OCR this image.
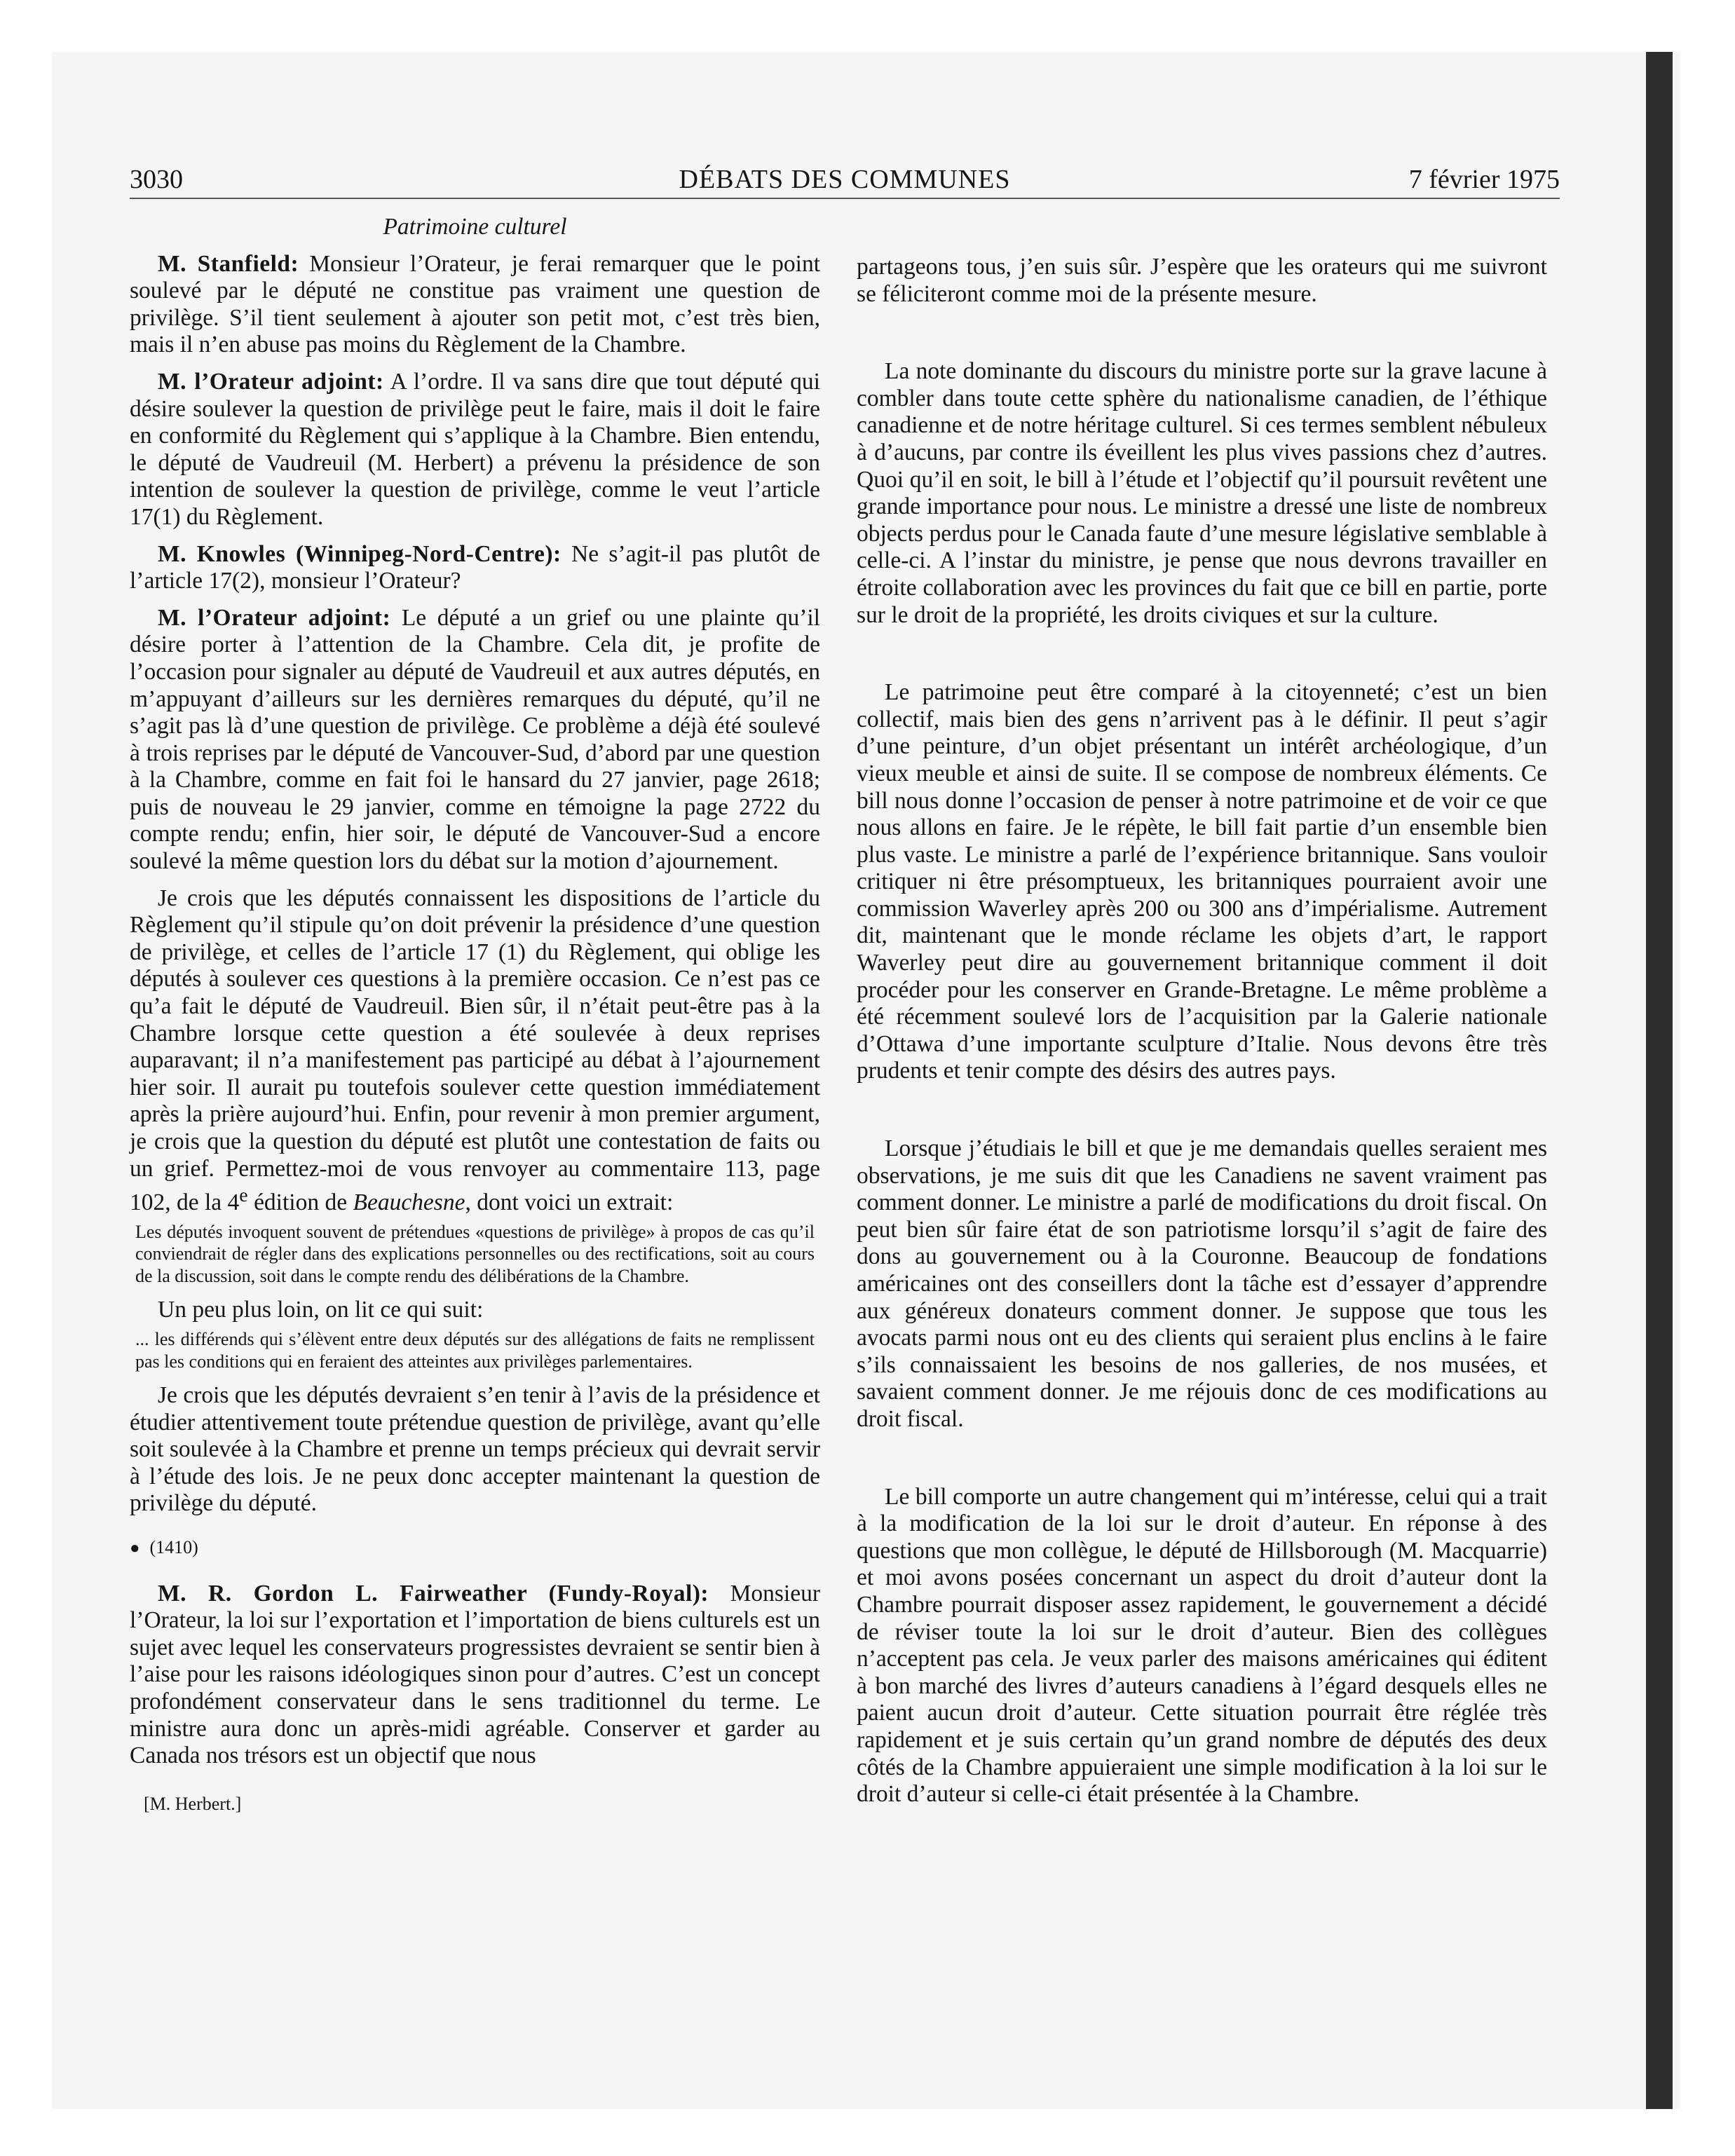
3030	DÉBATS DES COMMUNES	7 février 1975
Patrimoine culturel

M. Stanfield: Monsieur l’Orateur, je ferai remarquer que le point soulevé par le député ne constitue pas vraiment une question de privilège. S’il tient seulement à ajouter son petit mot, c’est très bien, mais il n’en abuse pas moins du Règlement de la Chambre.

M. l’Orateur adjoint: A l’ordre. Il va sans dire que tout député qui désire soulever la question de privilège peut le faire, mais il doit le faire en conformité du Règlement qui s’applique à la Chambre. Bien entendu, le député de Vaudreuil (M. Herbert) a prévenu la présidence de son intention de soulever la question de privilège, comme le veut l’article 17(1) du Règlement.

M. Knowles (Winnipeg-Nord-Centre): Ne s’agit-il pas plutôt de l’article 17(2), monsieur l’Orateur?

M. l’Orateur adjoint: Le député a un grief ou une plainte qu’il désire porter à l’attention de la Chambre. Cela dit, je profite de l’occasion pour signaler au député de Vaudreuil et aux autres députés, en m’appuyant d’ailleurs sur les dernières remarques du député, qu’il ne s’agit pas là d’une question de privilège. Ce problème a déjà été soulevé à trois reprises par le député de Vancouver-Sud, d’abord par une question à la Chambre, comme en fait foi le hansard du 27 janvier, page 2618; puis de nouveau le 29 janvier, comme en témoigne la page 2722 du compte rendu; enfin, hier soir, le député de Vancouver-Sud a encore soulevé la même question lors du débat sur la motion d’ajournement.

Je crois que les députés connaissent les dispositions de l’article du Règlement qu’il stipule qu’on doit prévenir la présidence d’une question de privilège, et celles de l’article 17 (1) du Règlement, qui oblige les députés à soulever ces questions à la première occasion. Ce n’est pas ce qu’a fait le député de Vaudreuil. Bien sûr, il n’était peut-être pas à la Chambre lorsque cette question a été soulevée à deux reprises auparavant; il n’a manifestement pas participé au débat à l’ajournement hier soir. Il aurait pu toutefois soulever cette question immédiatement après la prière aujourd’hui. Enfin, pour revenir à mon premier argument, je crois que la question du député est plutôt une contestation de faits ou un grief. Permettez-moi de vous renvoyer au commentaire 113, page 102, de la 4e édition de Beauchesne, dont voici un extrait:

Les députés invoquent souvent de prétendues «questions de privilège» à propos de cas qu’il conviendrait de régler dans des explications personnelles ou des rectifications, soit au cours de la discussion, soit dans le compte rendu des délibérations de la Chambre.

Un peu plus loin, on lit ce qui suit:

... les différends qui s’élèvent entre deux députés sur des allégations de faits ne remplissent pas les conditions qui en feraient des atteintes aux privilèges parlementaires.

Je crois que les députés devraient s’en tenir à l’avis de la présidence et étudier attentivement toute prétendue question de privilège, avant qu’elle soit soulevée à la Chambre et prenne un temps précieux qui devrait servir à l’étude des lois. Je ne peux donc accepter maintenant la question de privilège du député.

● (1410)

M. R. Gordon L. Fairweather (Fundy-Royal): Monsieur l’Orateur, la loi sur l’exportation et l’importation de biens culturels est un sujet avec lequel les conservateurs progressistes devraient se sentir bien à l’aise pour les raisons idéologiques sinon pour d’autres. C’est un concept profondément conservateur dans le sens traditionnel du terme. Le ministre aura donc un après-midi agréable. Conserver et garder au Canada nos trésors est un objectif que nous

[M. Herbert.]

partageons tous, j’en suis sûr. J’espère que les orateurs qui me suivront se féliciteront comme moi de la présente mesure.

La note dominante du discours du ministre porte sur la grave lacune à combler dans toute cette sphère du nationalisme canadien, de l’éthique canadienne et de notre héritage culturel. Si ces termes semblent nébuleux à d’aucuns, par contre ils éveillent les plus vives passions chez d’autres. Quoi qu’il en soit, le bill à l’étude et l’objectif qu’il poursuit revêtent une grande importance pour nous. Le ministre a dressé une liste de nombreux objects perdus pour le Canada faute d’une mesure législative semblable à celle-ci. A l’instar du ministre, je pense que nous devrons travailler en étroite collaboration avec les provinces du fait que ce bill en partie, porte sur le droit de la propriété, les droits civiques et sur la culture.

Le patrimoine peut être comparé à la citoyenneté; c’est un bien collectif, mais bien des gens n’arrivent pas à le définir. Il peut s’agir d’une peinture, d’un objet présentant un intérêt archéologique, d’un vieux meuble et ainsi de suite. Il se compose de nombreux éléments. Ce bill nous donne l’occasion de penser à notre patrimoine et de voir ce que nous allons en faire. Je le répète, le bill fait partie d’un ensemble bien plus vaste. Le ministre a parlé de l’expérience britannique. Sans vouloir critiquer ni être présomptueux, les britanniques pourraient avoir une commission Waverley après 200 ou 300 ans d’impérialisme. Autrement dit, maintenant que le monde réclame les objets d’art, le rapport Waverley peut dire au gouvernement britannique comment il doit procéder pour les conserver en Grande-Bretagne. Le même problème a été récemment soulevé lors de l’acquisition par la Galerie nationale d’Ottawa d’une importante sculpture d’Italie. Nous devons être très prudents et tenir compte des désirs des autres pays.

Lorsque j’étudiais le bill et que je me demandais quelles seraient mes observations, je me suis dit que les Canadiens ne savent vraiment pas comment donner. Le ministre a parlé de modifications du droit fiscal. On peut bien sûr faire état de son patriotisme lorsqu’il s’agit de faire des dons au gouvernement ou à la Couronne. Beaucoup de fondations américaines ont des conseillers dont la tâche est d’essayer d’apprendre aux généreux donateurs comment donner. Je suppose que tous les avocats parmi nous ont eu des clients qui seraient plus enclins à le faire s’ils connaissaient les besoins de nos galleries, de nos musées, et savaient comment donner. Je me réjouis donc de ces modifications au droit fiscal.

Le bill comporte un autre changement qui m’intéresse, celui qui a trait à la modification de la loi sur le droit d’auteur. En réponse à des questions que mon collègue, le député de Hillsborough (M. Macquarrie) et moi avons posées concernant un aspect du droit d’auteur dont la Chambre pourrait disposer assez rapidement, le gouvernement a décidé de réviser toute la loi sur le droit d’auteur. Bien des collègues n’acceptent pas cela. Je veux parler des maisons américaines qui éditent à bon marché des livres d’auteurs canadiens à l’égard desquels elles ne paient aucun droit d’auteur. Cette situation pourrait être réglée très rapidement et je suis certain qu’un grand nombre de députés des deux côtés de la Chambre appuieraient une simple modification à la loi sur le droit d’auteur si celle-ci était présentée à la Chambre.
